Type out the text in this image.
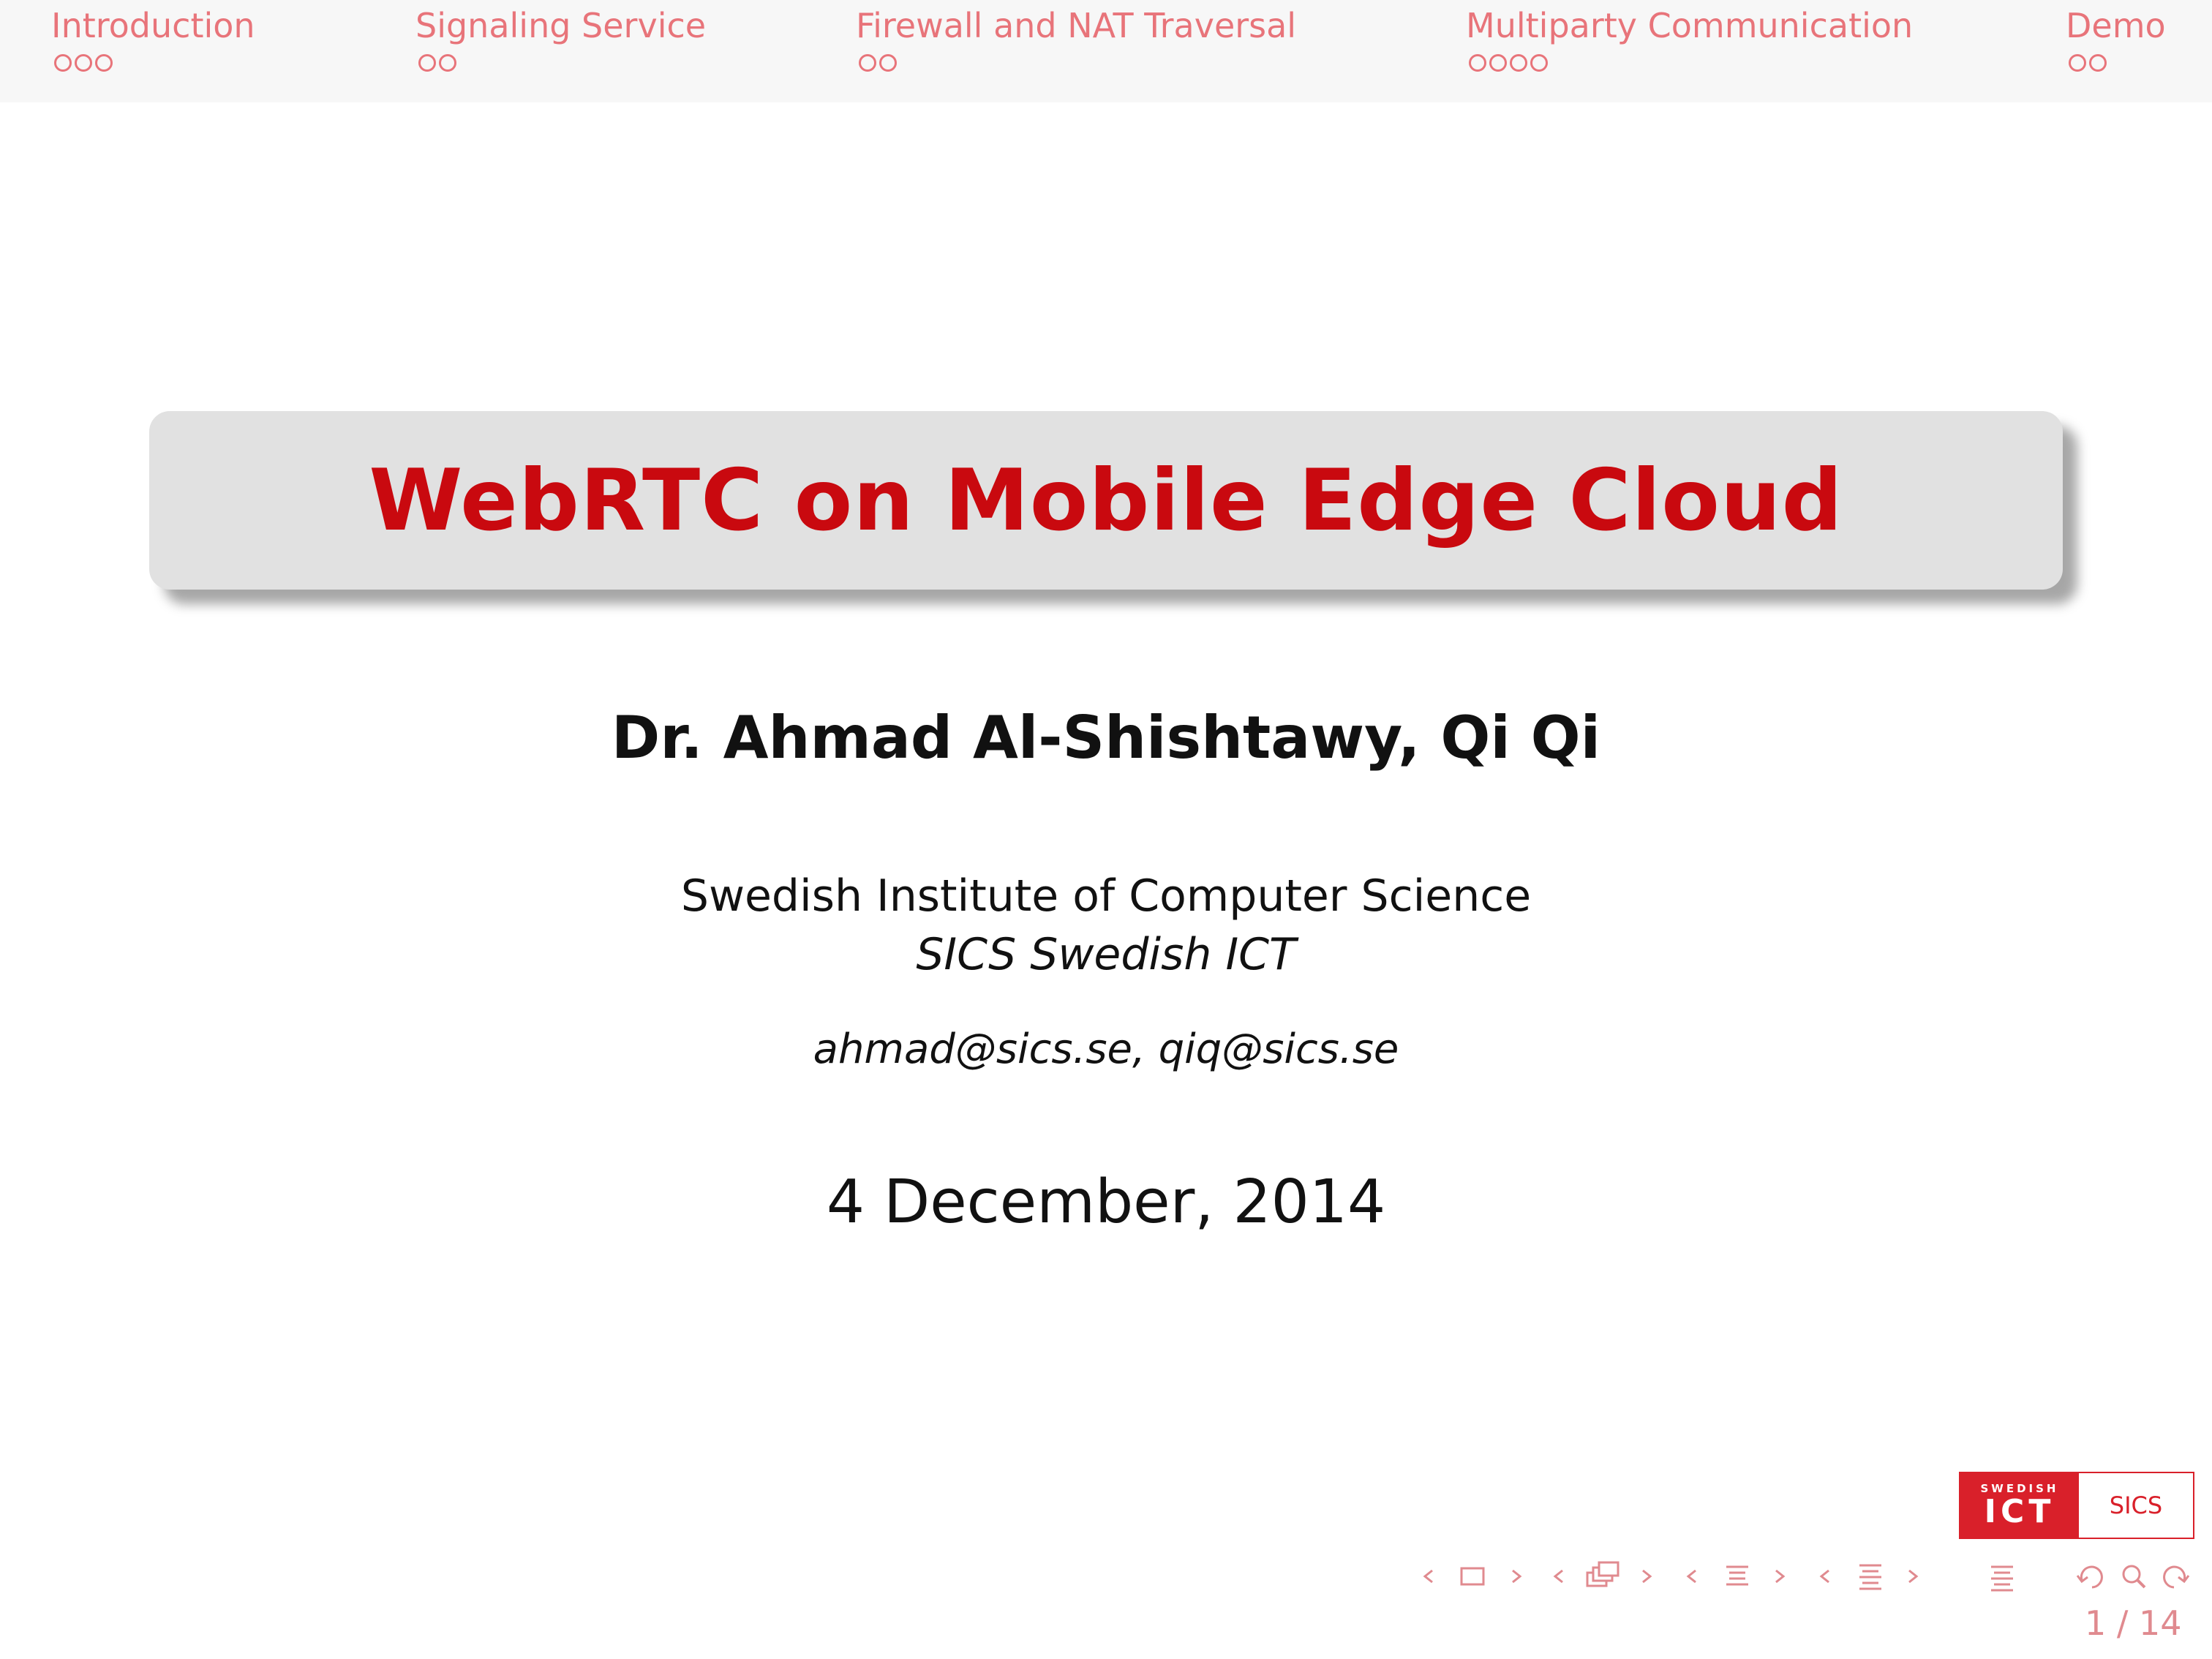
Introduction	Signaling Service	Firewall and NAT Traversal	Multiparty Communication	Demo
WebRTC on Mobile Edge Cloud
Dr. Ahmad Al-Shishtawy, Qi Qi
Swedish Institute of Computer Science
SICS Swedish ICT
ahmad@sics.se, qiq@sics.se
4 December, 2014
SWEDISH
ICT	SICS
1 / 14
